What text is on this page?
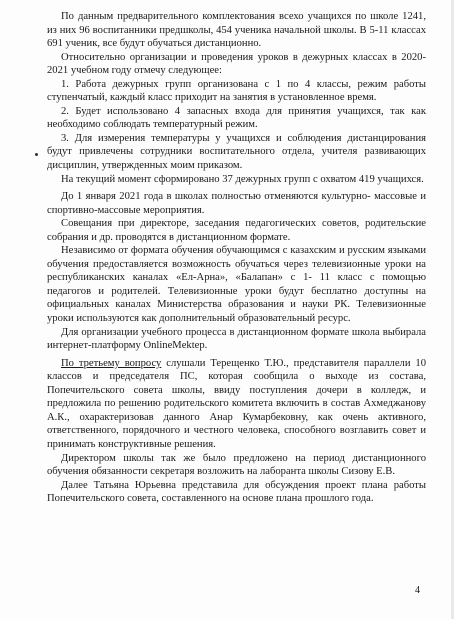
По данным предварительного комплектования всехо учащихся по школе 1241, из них 96 воспитанники предшколы, 454 ученика начальной школы. В 5-11 классах 691 ученик, все будут обучаться дистанционно.

Относительно организации и проведения уроков в дежурных классах в 2020-2021 учебном году отмечу следующее:

1. Работа дежурных групп организована с 1 по 4 классы, режим работы ступенчатый, каждый класс приходит на занятия в установленное время.

2. Будет использовано 4 запасных входа для принятия учащихся, так как необходимо соблюдать температурный режим.

3. Для измерения температуры у учащихся и соблюдения дистанцирования будут привлечены сотрудники воспитательного отдела, учителя развивающих дисциплин, утвержденных моим приказом.

На текущий момент сформировано 37 дежурных групп с охватом 419 учащихся.

До 1 января 2021 года в школах полностью отменяются культурно- массовые и спортивно-массовые мероприятия.

Совещания при директоре, заседания педагогических советов, родительские собрания и др. проводятся в дистанционном формате.

Независимо от формата обучения обучающимся с казахским и русским языками обучения предоставляется возможность обучаться через телевизионные уроки на республиканских каналах «Ел-Арна», «Балапан» с 1- 11 класс с помощью педагогов и родителей. Телевизионные уроки будут бесплатно доступны на официальных каналах Министерства образования и науки РК. Телевизионные уроки используются как дополнительный образовательный ресурс.

Для организации учебного процесса в дистанционном формате школа выбирала интернет-платформу OnlineMektep.

По третьему вопросу слушали Терещенко Т.Ю., представителя параллели 10 классов и председателя ПС, которая сообщила о выходе из состава, Попечительского совета школы, ввиду поступления дочери в колледж, и предложила по решению родительского комитета включить в состав Ахмеджанову А.К., охарактеризовав данного Анар Кумарбековну, как очень активного, ответственного, порядочного и честного человека, способного возглавить совет и принимать конструктивные решения.

Директором школы так же было предложено на период дистанционного обучения обязанности секретаря возложить на лаборанта школы Сизову Е.В.

Далее Татьяна Юрьевна представила для обсуждения проект плана работы Попечительского совета, составленного на основе плана прошлого года.

4
